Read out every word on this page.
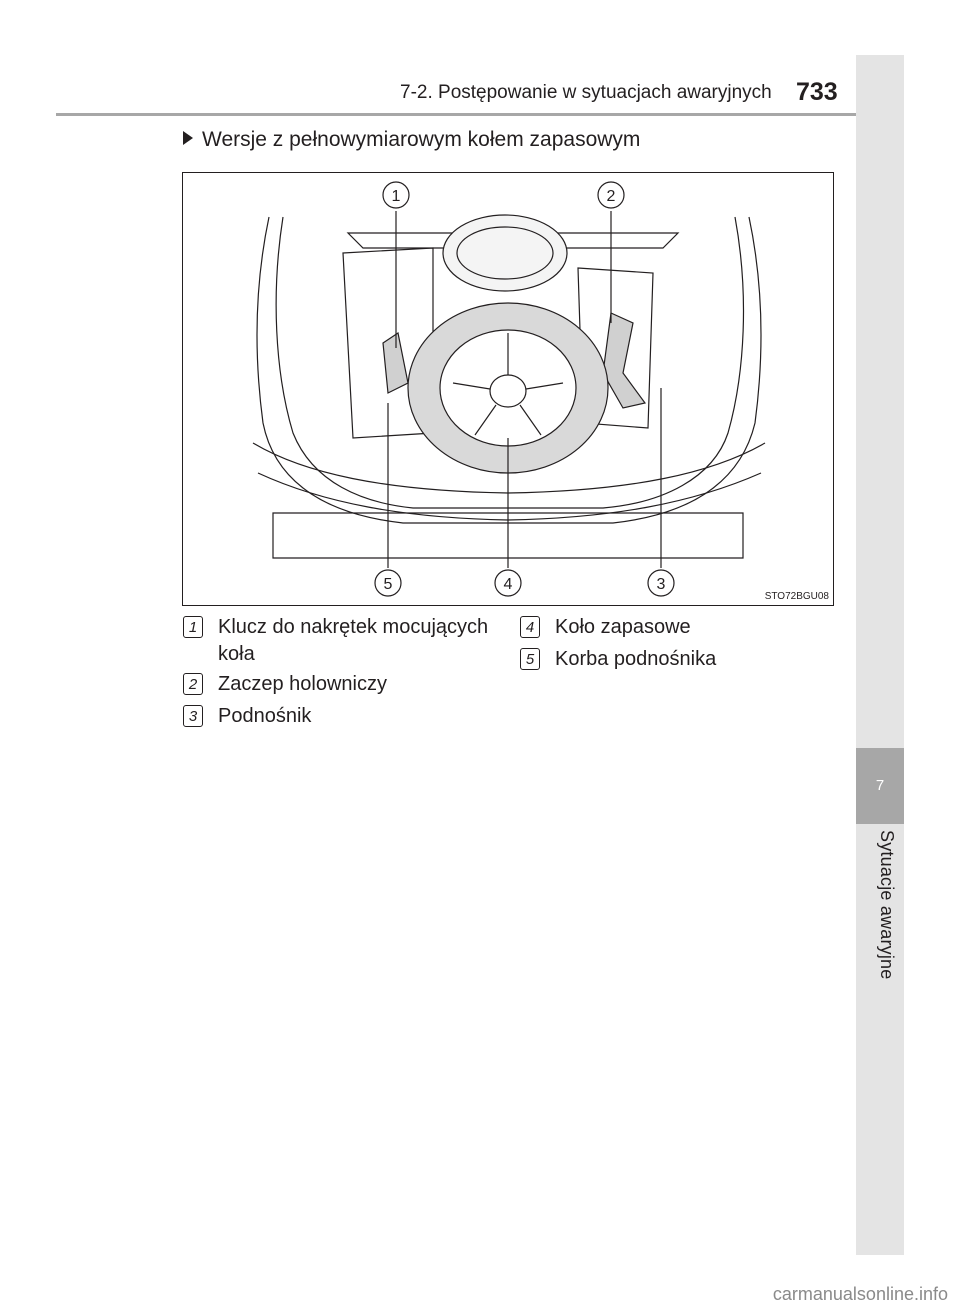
7
Sytuacje awaryjne
7-2. Postępowanie w sytuacjach awaryjnych 733
Wersje z pełnowymiarowym kołem zapasowym
1	2
3
4
5
STO72BGU08
1 Klucz do nakrętek mocujących koła
2 Zaczep holowniczy
3 Podnośnik
4 Koło zapasowe
5 Korba podnośnika
carmanualsonline.info
